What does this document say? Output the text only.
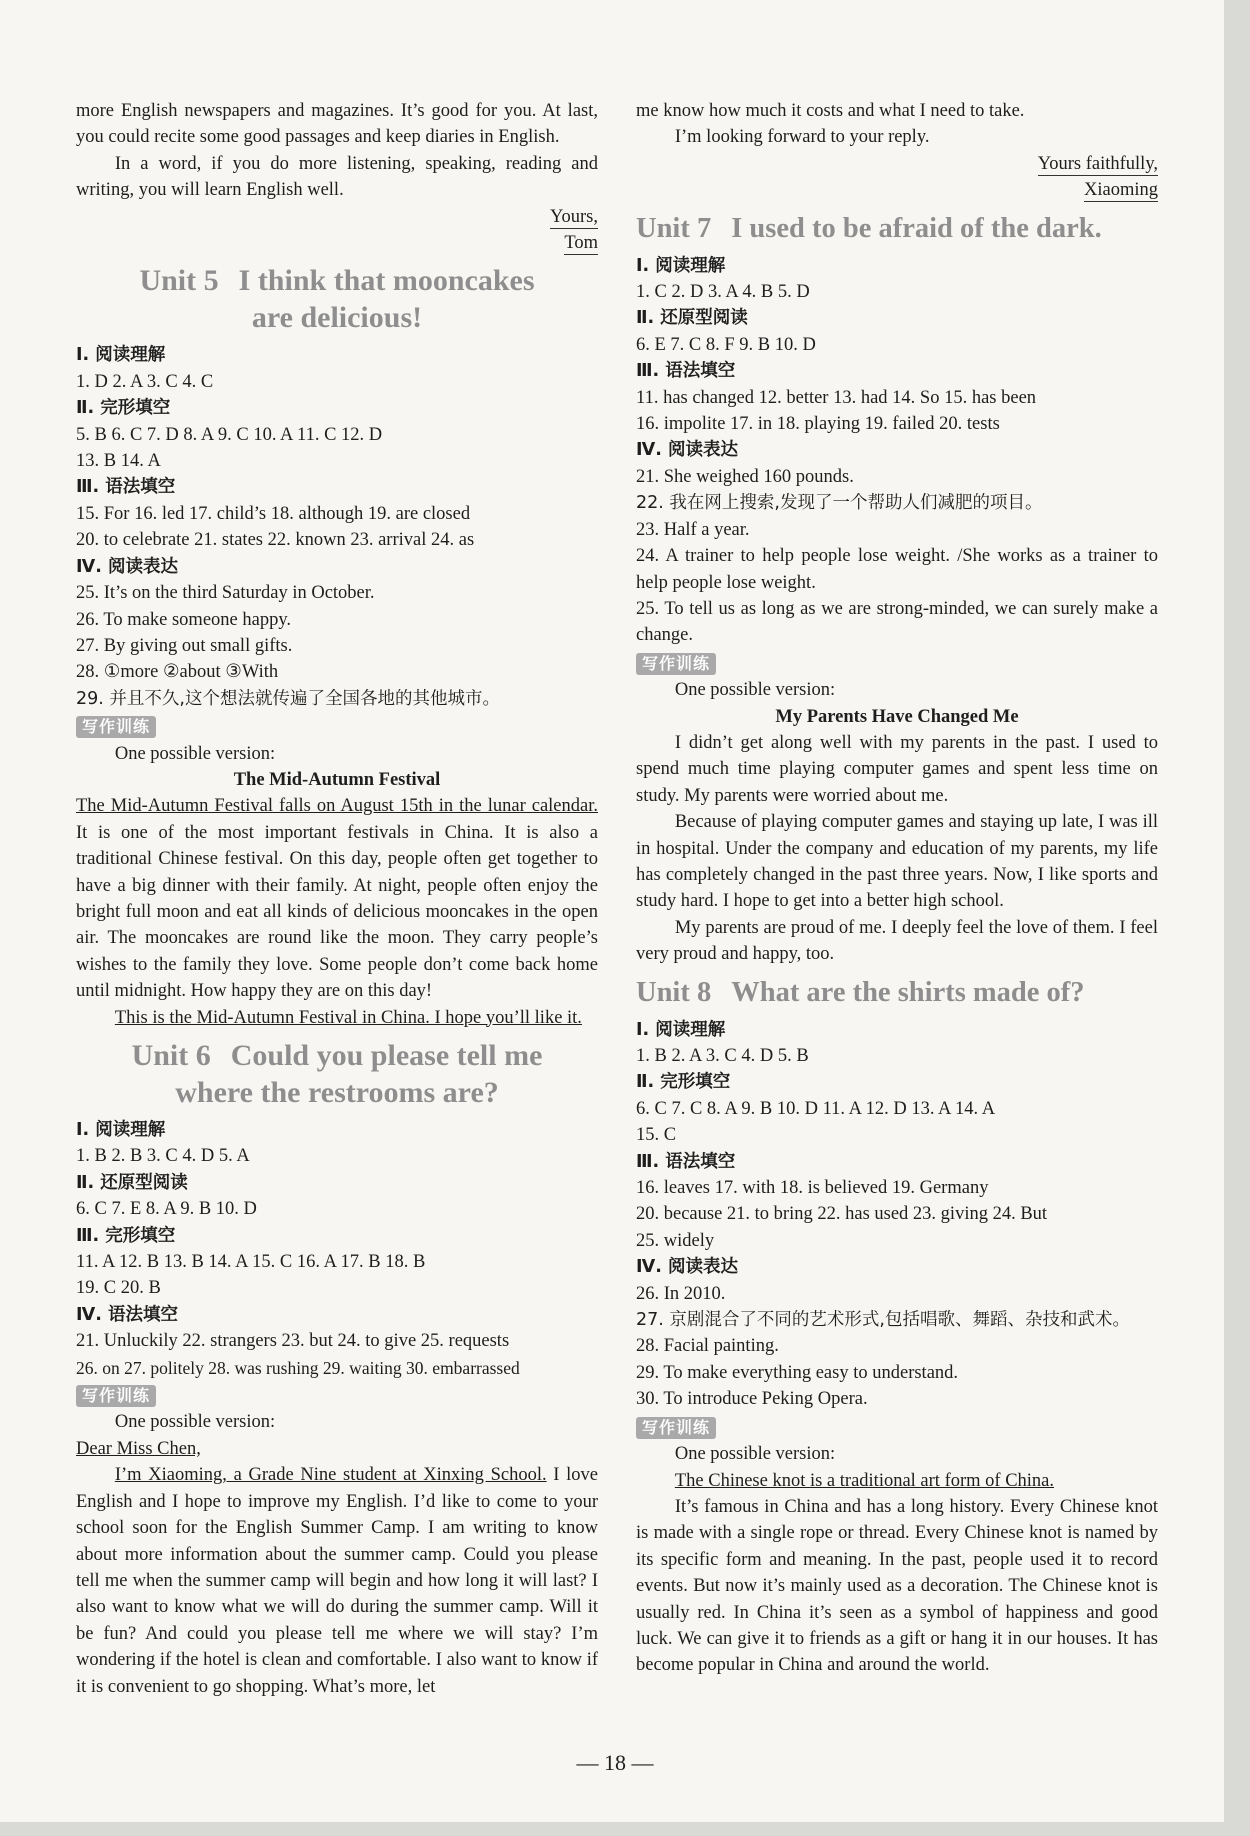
more English newspapers and magazines. It’s good for you. At last, you could recite some good passages and keep diaries in English.

In a word, if you do more listening, speaking, reading and writing, you will learn English well.

Yours,
Tom

Unit 5 I think that mooncakes
are delicious!

Ⅰ. 阅读理解

1. D 2. A 3. C 4. C

Ⅱ. 完形填空

5. B 6. C 7. D 8. A 9. C 10. A 11. C 12. D

13. B 14. A

Ⅲ. 语法填空

15. For 16. led 17. child’s 18. although 19. are closed

20. to celebrate 21. states 22. known 23. arrival 24. as

Ⅳ. 阅读表达

25. It’s on the third Saturday in October.

26. To make someone happy.

27. By giving out small gifts.

28. ①more ②about ③With

29. 并且不久,这个想法就传遍了全国各地的其他城市。

写作训练

One possible version:

The Mid-Autumn Festival

The Mid-Autumn Festival falls on August 15th in the lunar calendar. It is one of the most important festivals in China. It is also a traditional Chinese festival. On this day, people often get together to have a big dinner with their family. At night, people often enjoy the bright full moon and eat all kinds of delicious mooncakes in the open air. The mooncakes are round like the moon. They carry people’s wishes to the family they love. Some people don’t come back home until midnight. How happy they are on this day!

This is the Mid-Autumn Festival in China. I hope you’ll like it.

Unit 6 Could you please tell me
where the restrooms are?

Ⅰ. 阅读理解

1. B 2. B 3. C 4. D 5. A

Ⅱ. 还原型阅读

6. C 7. E 8. A 9. B 10. D

Ⅲ. 完形填空

11. A 12. B 13. B 14. A 15. C 16. A 17. B 18. B

19. C 20. B

Ⅳ. 语法填空

21. Unluckily 22. strangers 23. but 24. to give 25. requests

26. on 27. politely 28. was rushing 29. waiting 30. embarrassed

写作训练

One possible version:

Dear Miss Chen,

I’m Xiaoming, a Grade Nine student at Xinxing School. I love English and I hope to improve my English. I’d like to come to your school soon for the English Summer Camp. I am writing to know about more information about the summer camp. Could you please tell me when the summer camp will begin and how long it will last? I also want to know what we will do during the summer camp. Will it be fun? And could you please tell me where we will stay? I’m wondering if the hotel is clean and comfortable. I also want to know if it is convenient to go shopping. What’s more, let

me know how much it costs and what I need to take.

I’m looking forward to your reply.

Yours faithfully,
Xiaoming

Unit 7 I used to be afraid of the dark.

Ⅰ. 阅读理解

1. C 2. D 3. A 4. B 5. D

Ⅱ. 还原型阅读

6. E 7. C 8. F 9. B 10. D

Ⅲ. 语法填空

11. has changed 12. better 13. had 14. So 15. has been

16. impolite 17. in 18. playing 19. failed 20. tests

Ⅳ. 阅读表达

21. She weighed 160 pounds.

22. 我在网上搜索,发现了一个帮助人们减肥的项目。

23. Half a year.

24. A trainer to help people lose weight. /She works as a trainer to help people lose weight.

25. To tell us as long as we are strong-minded, we can surely make a change.

写作训练

One possible version:

My Parents Have Changed Me

I didn’t get along well with my parents in the past. I used to spend much time playing computer games and spent less time on study. My parents were worried about me.

Because of playing computer games and staying up late, I was ill in hospital. Under the company and education of my parents, my life has completely changed in the past three years. Now, I like sports and study hard. I hope to get into a better high school.

My parents are proud of me. I deeply feel the love of them. I feel very proud and happy, too.

Unit 8 What are the shirts made of?

Ⅰ. 阅读理解

1. B 2. A 3. C 4. D 5. B

Ⅱ. 完形填空

6. C 7. C 8. A 9. B 10. D 11. A 12. D 13. A 14. A

15. C

Ⅲ. 语法填空

16. leaves 17. with 18. is believed 19. Germany

20. because 21. to bring 22. has used 23. giving 24. But

25. widely

Ⅳ. 阅读表达

26. In 2010.

27. 京剧混合了不同的艺术形式,包括唱歌、舞蹈、杂技和武术。

28. Facial painting.

29. To make everything easy to understand.

30. To introduce Peking Opera.

写作训练

One possible version:

The Chinese knot is a traditional art form of China.

It’s famous in China and has a long history. Every Chinese knot is made with a single rope or thread. Every Chinese knot is named by its specific form and meaning. In the past, people used it to record events. But now it’s mainly used as a decoration. The Chinese knot is usually red. In China it’s seen as a symbol of happiness and good luck. We can give it to friends as a gift or hang it in our houses. It has become popular in China and around the world.

— 18 —
